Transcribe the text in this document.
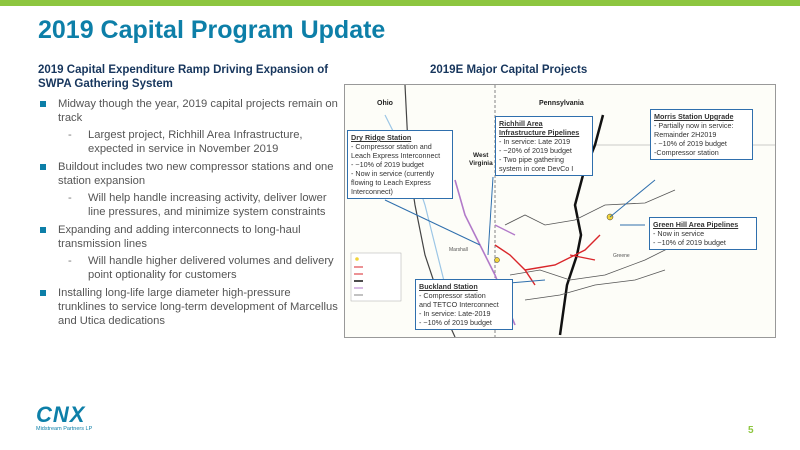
2019 Capital Program Update
2019 Capital Expenditure Ramp Driving Expansion of SWPA Gathering System
Midway though the year, 2019 capital projects remain on track
- Largest project, Richhill Area Infrastructure, expected in service in November 2019
Buildout includes two new compressor stations and one station expansion
- Will help handle increasing activity, deliver lower line pressures, and minimize system constraints
Expanding and adding interconnects to long-haul transmission lines
- Will handle higher delivered volumes and delivery point optionality for customers
Installing long-life large diameter high-pressure trunklines to service long-term development of Marcellus and Utica dedications
2019E Major Capital Projects
Ohio	Pennsylvania
West
Virginia
Marshall
Greene
Dry Ridge Station
- Compressor station and
Leach Express Interconnect
- ~10% of 2019 budget
- Now in service (currently
flowing to Leach Express
Interconnect)
Richhill Area
Infrastructure Pipelines
- In service: Late 2019
- ~20% of 2019 budget
- Two pipe gathering
system in core DevCo I
Morris Station Upgrade
- Partially now in service:
Remainder 2H2019
- ~10% of 2019 budget
-Compressor station
Green Hill Area Pipelines
- Now in service
- ~10% of 2019 budget
Buckland Station
- Compressor station
and TETCO Interconnect
- In service: Late-2019
- ~10% of 2019 budget
CNX
Midstream Partners LP	5
